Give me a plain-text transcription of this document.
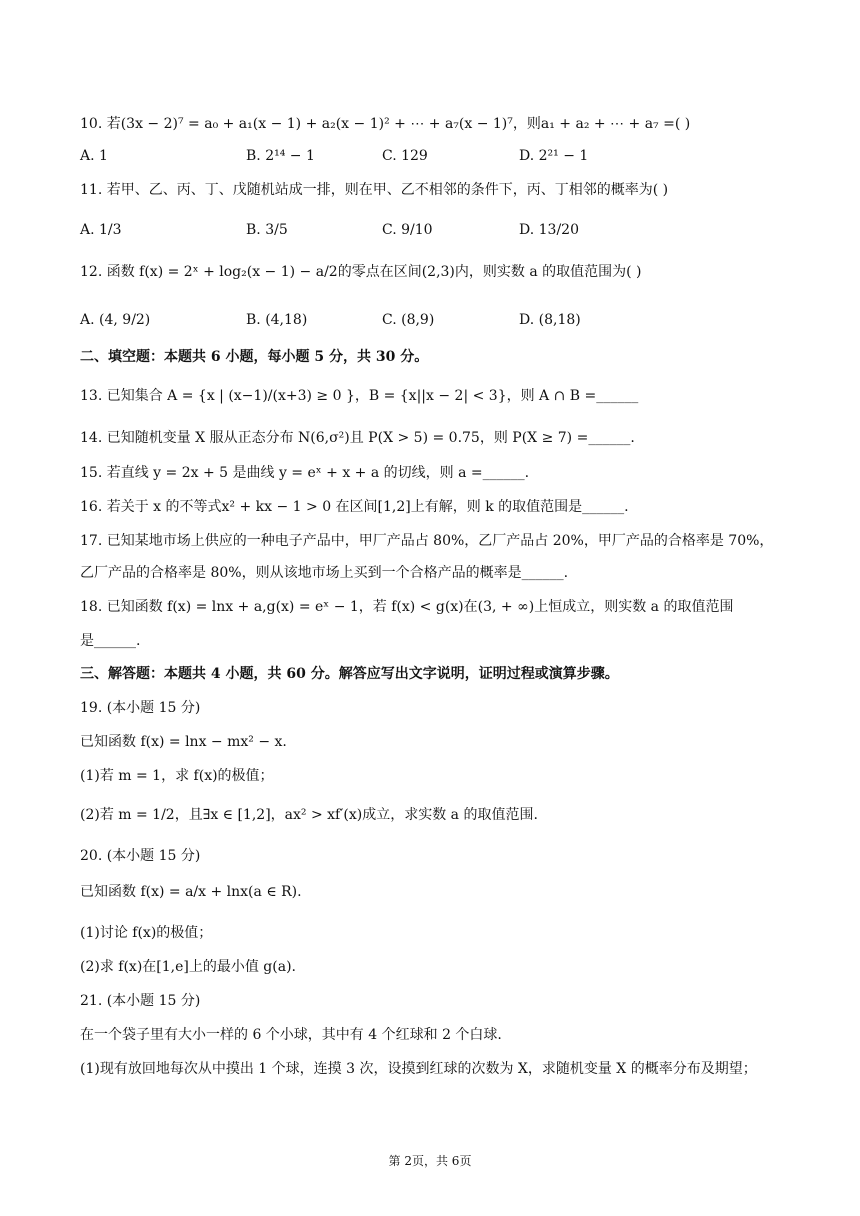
10. 若(3x − 2)⁷ = a₀ + a₁(x − 1) + a₂(x − 1)² + ⋯ + a₇(x − 1)⁷，则a₁ + a₂ + ⋯ + a₇ =( )
A. 1	B. 2¹⁴ − 1	C. 129	D. 2²¹ − 1
11. 若甲、乙、丙、丁、戊随机站成一排，则在甲、乙不相邻的条件下，丙、丁相邻的概率为( )
A. 1/3	B. 3/5	C. 9/10	D. 13/20
12. 函数 f(x) = 2ˣ + log₂(x − 1) − a/2的零点在区间(2,3)内，则实数 a 的取值范围为( )
A. (4, 9/2)	B. (4,18)	C. (8,9)	D. (8,18)
二、填空题：本题共 6 小题，每小题 5 分，共 30 分。
13. 已知集合 A = {x | (x−1)/(x+3) ≥ 0 }，B = {x||x − 2| < 3}，则 A ∩ B =______
14. 已知随机变量 X 服从正态分布 N(6,σ²)且 P(X > 5) = 0.75，则 P(X ≥ 7) =______.
15. 若直线 y = 2x + 5 是曲线 y = eˣ + x + a 的切线，则 a =______.
16. 若关于 x 的不等式x² + kx − 1 > 0 在区间[1,2]上有解，则 k 的取值范围是______.
17. 已知某地市场上供应的一种电子产品中，甲厂产品占 80%，乙厂产品占 20%，甲厂产品的合格率是 70%，
乙厂产品的合格率是 80%，则从该地市场上买到一个合格产品的概率是______.
18. 已知函数 f(x) = lnx + a,g(x) = eˣ − 1，若 f(x) < g(x)在(3, + ∞)上恒成立，则实数 a 的取值范围
是______.
三、解答题：本题共 4 小题，共 60 分。解答应写出文字说明，证明过程或演算步骤。
19. (本小题 15 分)
已知函数 f(x) = lnx − mx² − x.
(1)若 m = 1，求 f(x)的极值；
(2)若 m = 1/2，且∃x ∈ [1,2]，ax² > xf′(x)成立，求实数 a 的取值范围.
20. (本小题 15 分)
已知函数 f(x) = a/x + lnx(a ∈ R).
(1)讨论 f(x)的极值；
(2)求 f(x)在[1,e]上的最小值 g(a).
21. (本小题 15 分)
在一个袋子里有大小一样的 6 个小球，其中有 4 个红球和 2 个白球.
(1)现有放回地每次从中摸出 1 个球，连摸 3 次，设摸到红球的次数为 X，求随机变量 X 的概率分布及期望；
第 2页，共 6页
